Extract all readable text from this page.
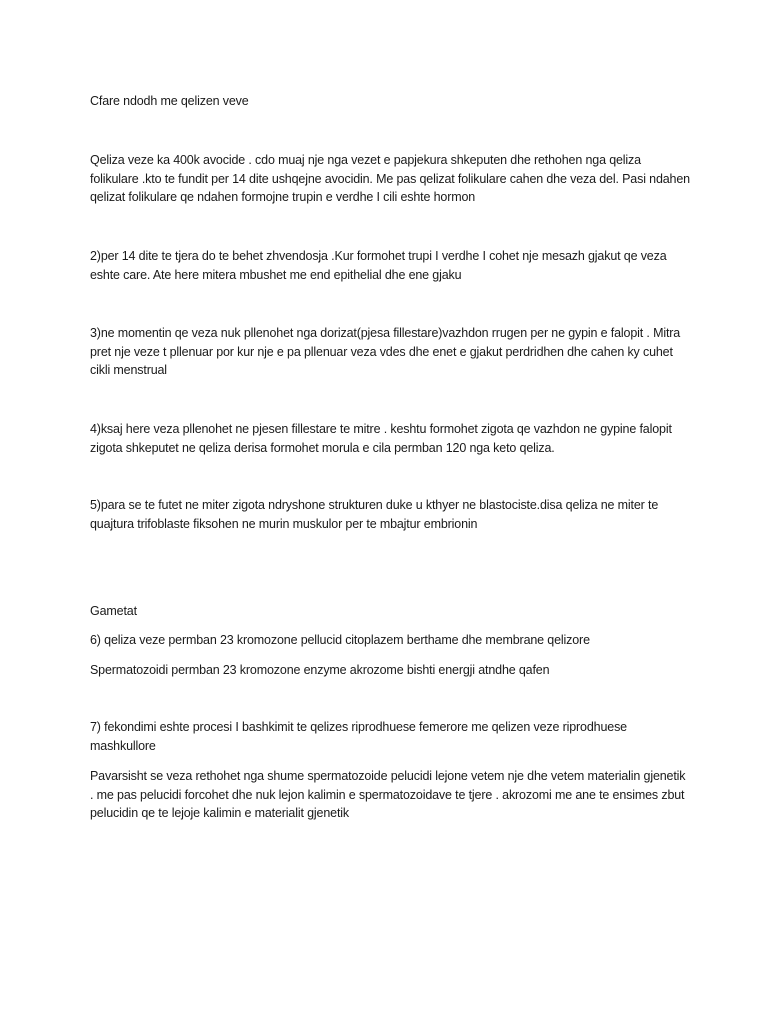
Cfare ndodh me qelizen veve

Qeliza veze ka 400k avocide . cdo muaj nje nga vezet e papjekura shkeputen dhe rethohen nga qeliza folikulare .kto te fundit per 14 dite ushqejne avocidin. Me pas qelizat folikulare cahen dhe veza del. Pasi ndahen qelizat folikulare qe ndahen formojne trupin e verdhe I cili eshte hormon

2)per 14 dite te tjera do te behet zhvendosja .Kur formohet trupi I verdhe I cohet nje mesazh gjakut qe veza eshte care. Ate here mitera mbushet me end epithelial dhe ene gjaku

3)ne momentin qe veza nuk pllenohet nga dorizat(pjesa fillestare)vazhdon rrugen per ne gypin e falopit . Mitra pret nje veze t pllenuar por kur nje e pa pllenuar veza vdes dhe enet e gjakut perdridhen dhe cahen ky cuhet cikli menstrual

4)ksaj here veza pllenohet ne pjesen fillestare te mitre . keshtu formohet zigota qe vazhdon ne gypine falopit zigota shkeputet ne qeliza derisa formohet morula e cila permban 120 nga keto qeliza.

5)para se te futet ne miter zigota ndryshone strukturen duke u kthyer ne blastociste.disa qeliza ne miter te quajtura trifoblaste fiksohen ne murin muskulor per te mbajtur embrionin

Gametat

6) qeliza veze permban 23 kromozone pellucid citoplazem berthame dhe membrane qelizore

Spermatozoidi permban 23 kromozone enzyme akrozome bishti energji atndhe qafen

7) fekondimi eshte procesi I bashkimit te qelizes riprodhuese femerore me qelizen veze riprodhuese mashkullore

Pavarsisht se veza rethohet nga shume spermatozoide pelucidi lejone vetem nje dhe vetem materialin gjenetik . me pas pelucidi forcohet dhe nuk lejon kalimin e spermatozoidave te tjere . akrozomi me ane te ensimes zbut pelucidin qe te lejoje kalimin e materialit gjenetik
